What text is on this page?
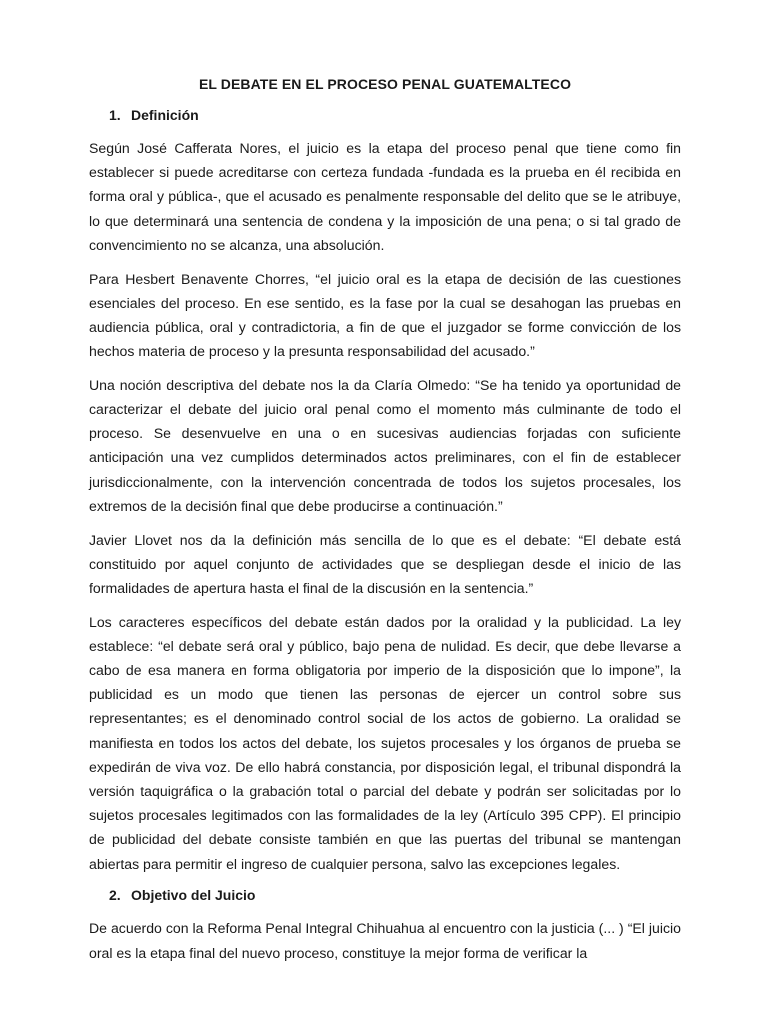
EL DEBATE EN EL PROCESO PENAL GUATEMALTECO
1. Definición

Según José Cafferata Nores, el juicio es la etapa del proceso penal que tiene como fin establecer si puede acreditarse con certeza fundada -fundada es la prueba en él recibida en forma oral y pública-, que el acusado es penalmente responsable del delito que se le atribuye, lo que determinará una sentencia de condena y la imposición de una pena; o si tal grado de convencimiento no se alcanza, una absolución.

Para Hesbert Benavente Chorres, “el juicio oral es la etapa de decisión de las cuestiones esenciales del proceso. En ese sentido, es la fase por la cual se desahogan las pruebas en audiencia pública, oral y contradictoria, a fin de que el juzgador se forme convicción de los hechos materia de proceso y la presunta responsabilidad del acusado.”

Una noción descriptiva del debate nos la da Claría Olmedo: “Se ha tenido ya oportunidad de caracterizar el debate del juicio oral penal como el momento más culminante de todo el proceso. Se desenvuelve en una o en sucesivas audiencias forjadas con suficiente anticipación una vez cumplidos determinados actos preliminares, con el fin de establecer jurisdiccionalmente, con la intervención concentrada de todos los sujetos procesales, los extremos de la decisión final que debe producirse a continuación.”

Javier Llovet nos da la definición más sencilla de lo que es el debate: “El debate está constituido por aquel conjunto de actividades que se despliegan desde el inicio de las formalidades de apertura hasta el final de la discusión en la sentencia.”

Los caracteres específicos del debate están dados por la oralidad y la publicidad. La ley establece: “el debate será oral y público, bajo pena de nulidad. Es decir, que debe llevarse a cabo de esa manera en forma obligatoria por imperio de la disposición que lo impone”, la publicidad es un modo que tienen las personas de ejercer un control sobre sus representantes; es el denominado control social de los actos de gobierno. La oralidad se manifiesta en todos los actos del debate, los sujetos procesales y los órganos de prueba se expedirán de viva voz. De ello habrá constancia, por disposición legal, el tribunal dispondrá la versión taquigráfica o la grabación total o parcial del debate y podrán ser solicitadas por lo sujetos procesales legitimados con las formalidades de la ley (Artículo 395 CPP). El principio de publicidad del debate consiste también en que las puertas del tribunal se mantengan abiertas para permitir el ingreso de cualquier persona, salvo las excepciones legales.

2. Objetivo del Juicio

De acuerdo con la Reforma Penal Integral Chihuahua al encuentro con la justicia (... ) “El juicio oral es la etapa final del nuevo proceso, constituye la mejor forma de verificar la
